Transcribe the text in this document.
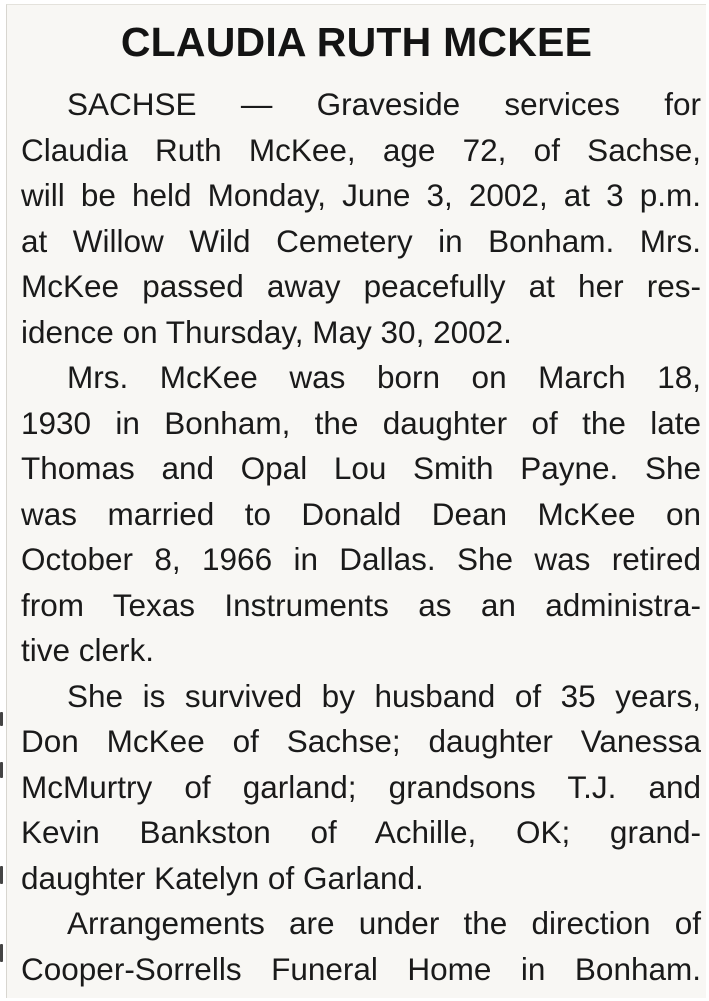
CLAUDIA RUTH MCKEE
SACHSE — Graveside services for
Claudia Ruth McKee, age 72, of Sachse,
will be held Monday, June 3, 2002, at 3 p.m.
at Willow Wild Cemetery in Bonham. Mrs.
McKee passed away peacefully at her res-
idence on Thursday, May 30, 2002.
Mrs. McKee was born on March 18,
1930 in Bonham, the daughter of the late
Thomas and Opal Lou Smith Payne. She
was married to Donald Dean McKee on
October 8, 1966 in Dallas. She was retired
from Texas Instruments as an administra-
tive clerk.
She is survived by husband of 35 years,
Don McKee of Sachse; daughter Vanessa
McMurtry of garland; grandsons T.J. and
Kevin Bankston of Achille, OK; grand-
daughter Katelyn of Garland.
Arrangements are under the direction of
Cooper-Sorrells Funeral Home in Bonham.
